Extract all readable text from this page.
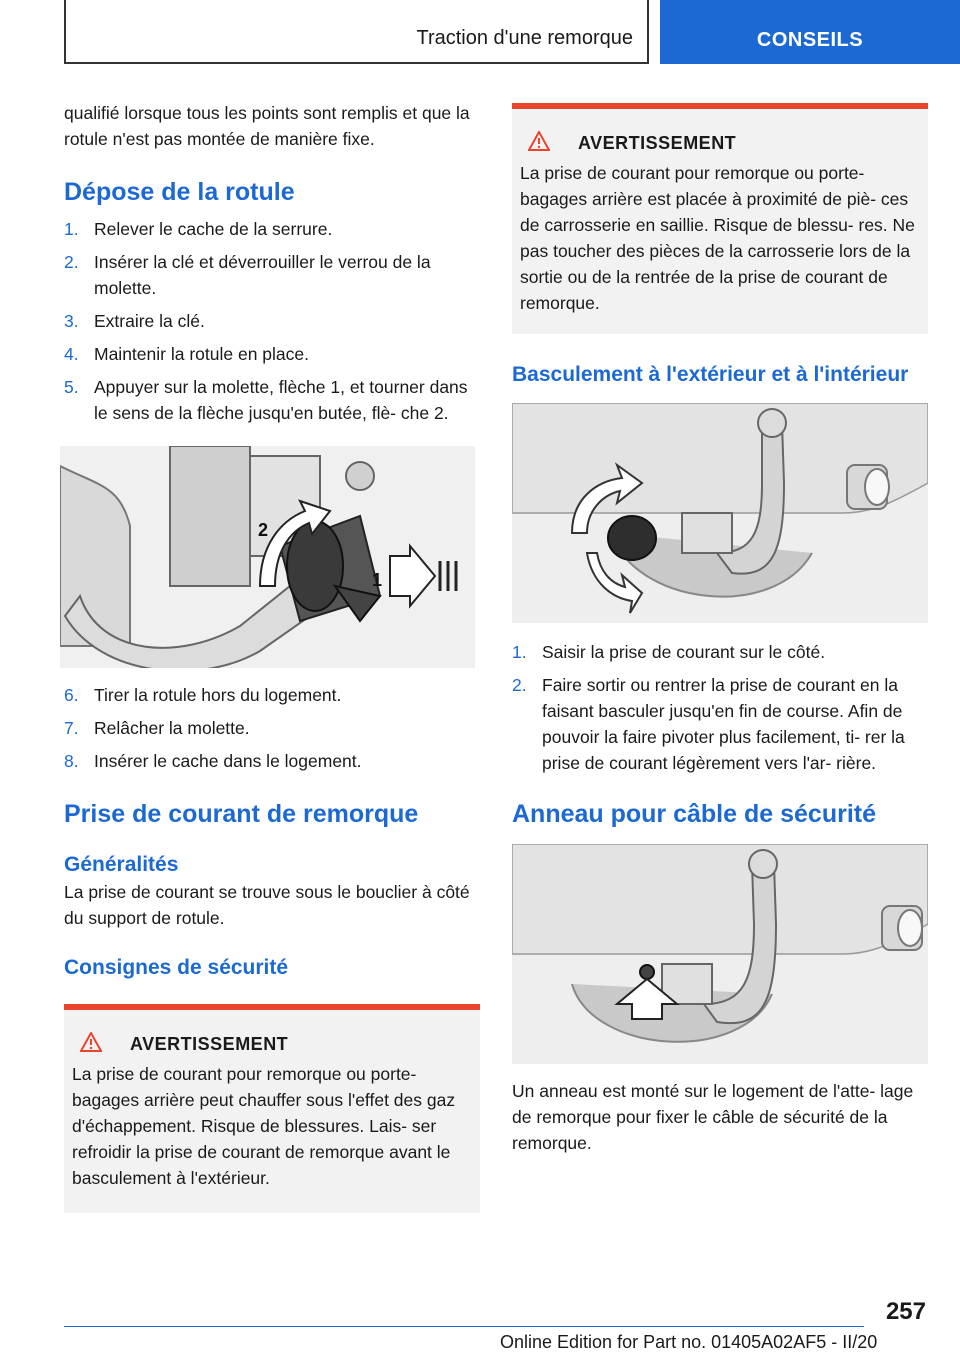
Traction d'une remorque	CONSEILS

qualifié lorsque tous les points sont remplis et que la rotule n'est pas montée de manière fixe.

Dépose de la rotule
1. Relever le cache de la serrure.
2. Insérer la clé et déverrouiller le verrou de la molette.
3. Extraire la clé.
4. Maintenir la rotule en place.
5. Appuyer sur la molette, flèche 1, et tourner dans le sens de la flèche jusqu'en butée, flè‐ che 2.
2
1
6. Tirer la rotule hors du logement.
7. Relâcher la molette.
8. Insérer le cache dans le logement.
Prise de courant de remorque
Généralités

La prise de courant se trouve sous le bouclier à côté du support de rotule.

Consignes de sécurité
AVERTISSEMENT

La prise de courant pour remorque ou porte-bagages arrière peut chauffer sous l'effet des gaz d'échappement. Risque de blessures. Lais‐ ser refroidir la prise de courant de remorque avant le basculement à l'extérieur.

AVERTISSEMENT

La prise de courant pour remorque ou porte-bagages arrière est placée à proximité de piè‐ ces de carrosserie en saillie. Risque de blessu‐ res. Ne pas toucher des pièces de la carrosserie lors de la sortie ou de la rentrée de la prise de courant de remorque.

Basculement à l'extérieur et à l'intérieur
1. Saisir la prise de courant sur le côté.
2. Faire sortir ou rentrer la prise de courant en la faisant basculer jusqu'en fin de course. Afin de pouvoir la faire pivoter plus facilement, ti‐ rer la prise de courant légèrement vers l'ar‐ rière.
Anneau pour câble de sécurité

Un anneau est monté sur le logement de l'atte‐ lage de remorque pour fixer le câble de sécurité de la remorque.

257
Online Edition for Part no. 01405A02AF5 - II/20
